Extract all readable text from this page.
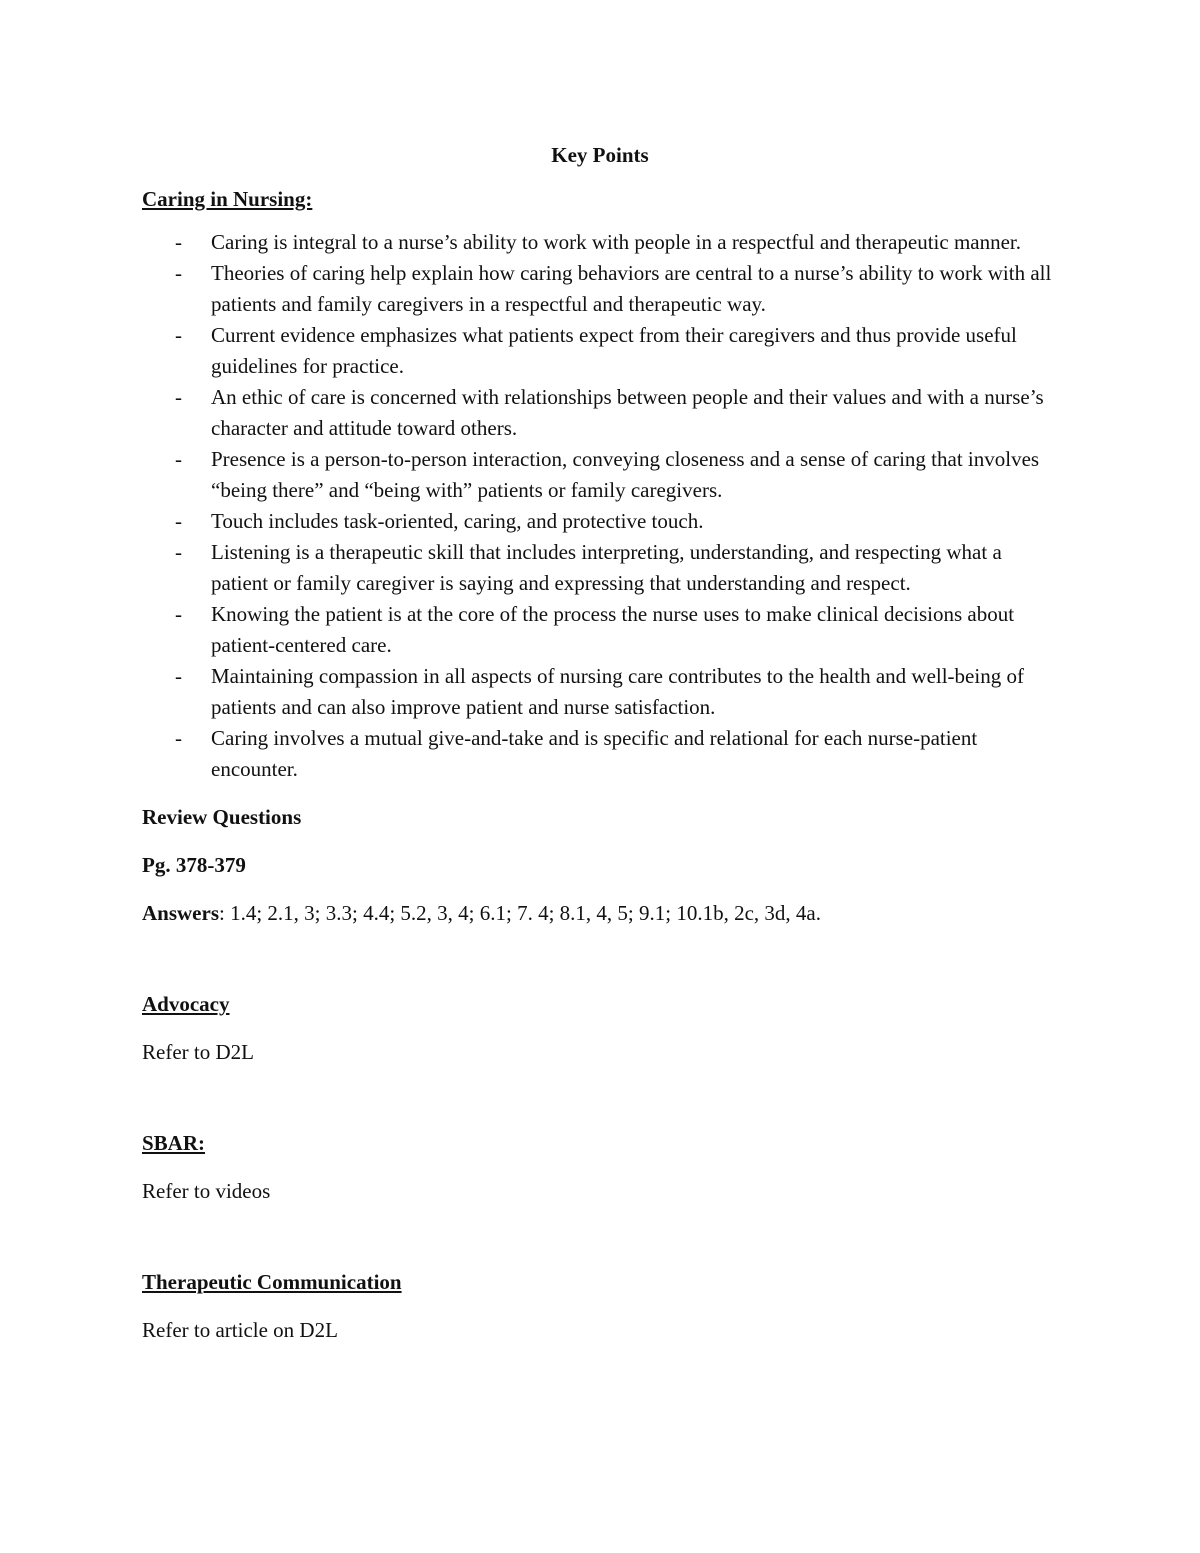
Key Points

Caring in Nursing:

- Caring is integral to a nurse’s ability to work with people in a respectful and therapeutic manner.
- Theories of caring help explain how caring behaviors are central to a nurse’s ability to work with all patients and family caregivers in a respectful and therapeutic way.
- Current evidence emphasizes what patients expect from their caregivers and thus provide useful guidelines for practice.
- An ethic of care is concerned with relationships between people and their values and with a nurse’s character and attitude toward others.
- Presence is a person-to-person interaction, conveying closeness and a sense of caring that involves “being there” and “being with” patients or family caregivers.
- Touch includes task-oriented, caring, and protective touch.
- Listening is a therapeutic skill that includes interpreting, understanding, and respecting what a patient or family caregiver is saying and expressing that understanding and respect.
- Knowing the patient is at the core of the process the nurse uses to make clinical decisions about patient-centered care.
- Maintaining compassion in all aspects of nursing care contributes to the health and well-being of patients and can also improve patient and nurse satisfaction.
- Caring involves a mutual give-and-take and is specific and relational for each nurse-patient encounter.

Review Questions

Pg. 378-379

Answers: 1.4; 2.1, 3; 3.3; 4.4; 5.2, 3, 4; 6.1; 7. 4; 8.1, 4, 5; 9.1; 10.1b, 2c, 3d, 4a.

Advocacy

Refer to D2L

SBAR:

Refer to videos

Therapeutic Communication

Refer to article on D2L
